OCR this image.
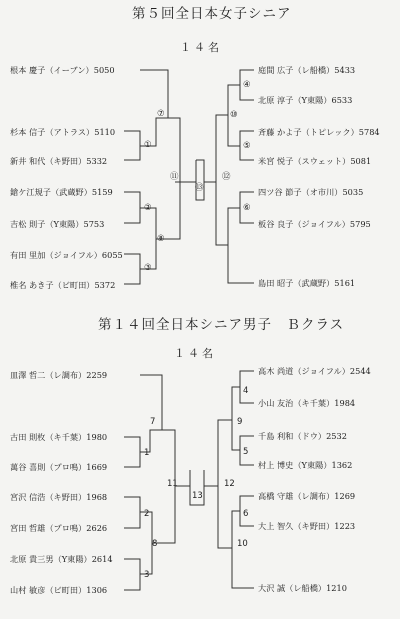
第５回全日本女子シニア
１４名
第１４回全日本シニア男子　Ｂクラス
１４名
根本 慶子（イーブン）5050
杉本 信子（アトラス）5110
新井 和代（キ野田）5332
鎗ケ江規子（武蔵野）5159
吉松 則子（Y東陽）5753
有田 里加（ジョイフル）6055
椎名 あき子（ビ町田）5372
庭間 広子（レ船橋）5433
北原 淳子（Y東陽）6533
斉藤 かよ子（トピレック）5784
米宮 悦子（スウェット）5081
四ツ谷 節子（オ市川）5035
板谷 良子（ジョイフル）5795
島田 昭子（武蔵野）5161
⑦
①
②
⑧
③
⑪
⑬
④
⑩
⑤
⑫
⑥
皿澤 哲二（レ調布）2259
古田 則枚（キ千葉）1980
萬谷 喜則（プロ鳴）1669
宮沢 信浩（キ野田）1968
宮田 哲雄（プロ鳴）2626
北原 貴三男（Y東陽）2614
山村 敏彦（ビ町田）1306
高木 尚道（ジョイフル）2544
小山 友治（キ千葉）1984
千島 利和（ドウ）2532
村上 博史（Y東陽）1362
高橋 守雄（レ調布）1269
大上 智久（キ野田）1223
大沢 誠（レ船橋）1210
7
1
2
8
3
11
13
9
4
5
12
6
10
